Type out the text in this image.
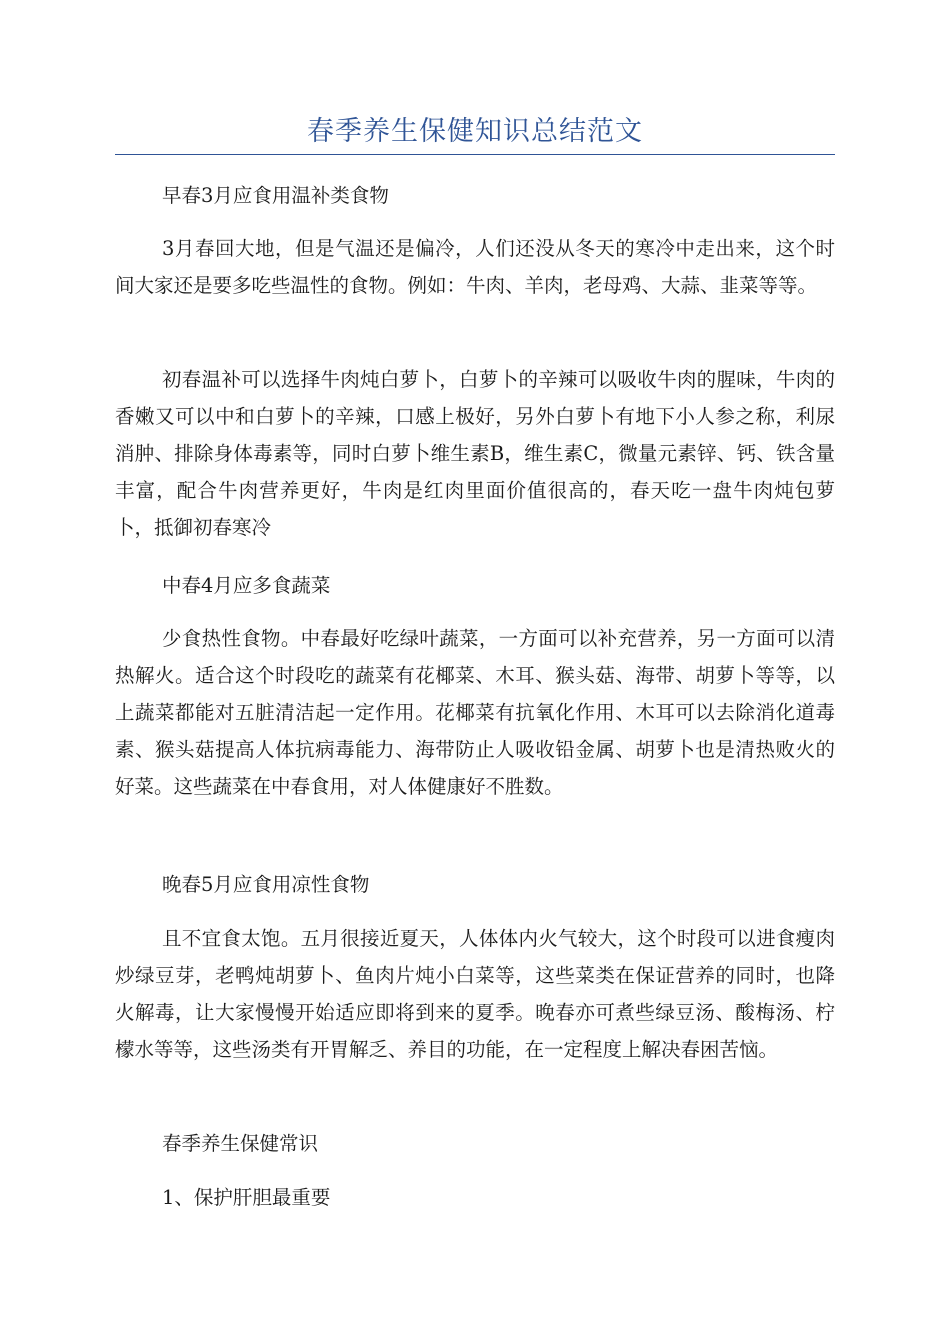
春季养生保健知识总结范文
早春3月应食用温补类食物
3月春回大地，但是气温还是偏冷，人们还没从冬天的寒冷中走出来，这个时间大家还是要多吃些温性的食物。例如：牛肉、羊肉，老母鸡、大蒜、韭菜等等。
初春温补可以选择牛肉炖白萝卜，白萝卜的辛辣可以吸收牛肉的腥味，牛肉的香嫩又可以中和白萝卜的辛辣，口感上极好，另外白萝卜有地下小人参之称，利尿消肿、排除身体毒素等，同时白萝卜维生素B，维生素C，微量元素锌、钙、铁含量丰富，配合牛肉营养更好，牛肉是红肉里面价值很高的，春天吃一盘牛肉炖包萝卜，抵御初春寒冷
中春4月应多食蔬菜
少食热性食物。中春最好吃绿叶蔬菜，一方面可以补充营养，另一方面可以清热解火。适合这个时段吃的蔬菜有花椰菜、木耳、猴头菇、海带、胡萝卜等等，以上蔬菜都能对五脏清洁起一定作用。花椰菜有抗氧化作用、木耳可以去除消化道毒素、猴头菇提高人体抗病毒能力、海带防止人吸收铅金属、胡萝卜也是清热败火的好菜。这些蔬菜在中春食用，对人体健康好不胜数。
晚春5月应食用凉性食物
且不宜食太饱。五月很接近夏天，人体体内火气较大，这个时段可以进食瘦肉炒绿豆芽，老鸭炖胡萝卜、鱼肉片炖小白菜等，这些菜类在保证营养的同时，也降火解毒，让大家慢慢开始适应即将到来的夏季。晚春亦可煮些绿豆汤、酸梅汤、柠檬水等等，这些汤类有开胃解乏、养目的功能，在一定程度上解决春困苦恼。
春季养生保健常识
1、保护肝胆最重要
